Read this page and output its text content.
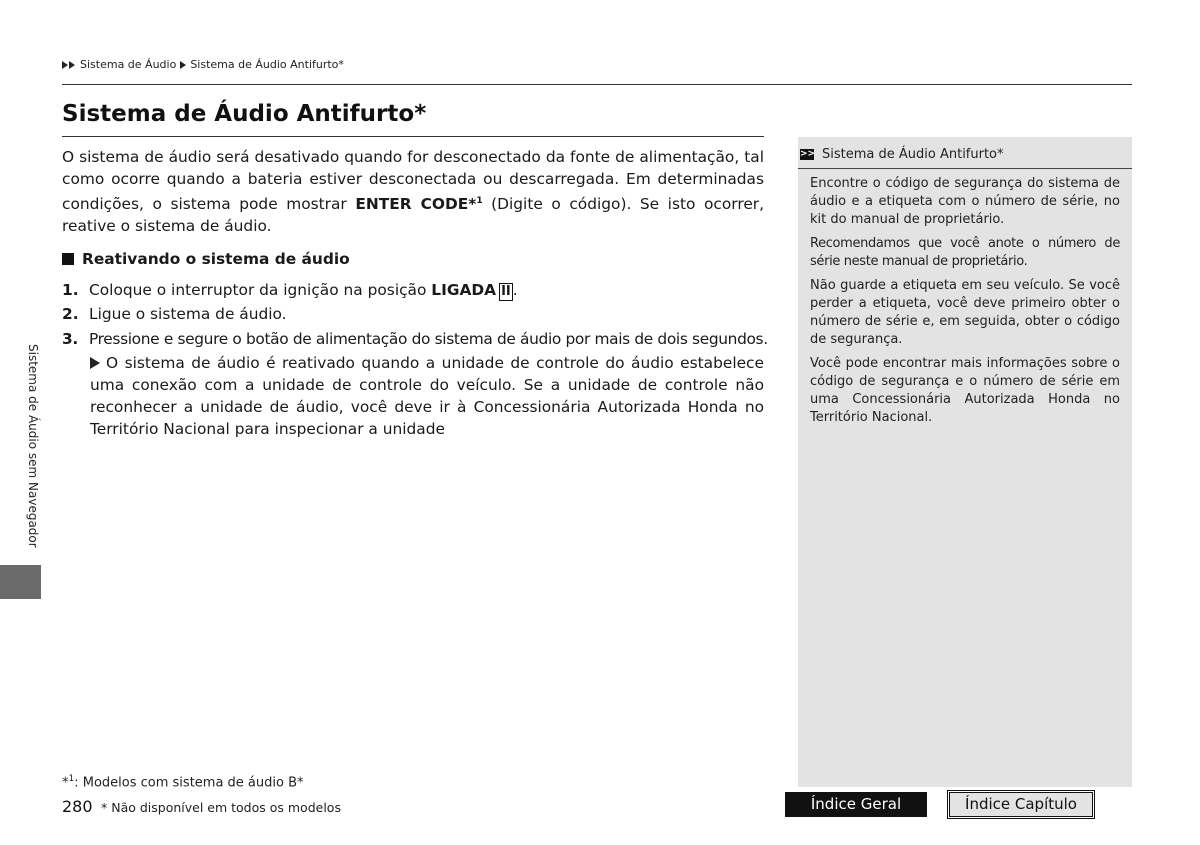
Sistema de Áudio Sistema de Áudio Antifurto*
Sistema de Áudio Antifurto*
O sistema de áudio será desativado quando for desconectado da fonte de alimentação, tal como ocorre quando a bateria estiver desconectada ou descarregada. Em determinadas condições, o sistema pode mostrar ENTER CODE*$^1$ (Digite o código). Se isto ocorrer, reative o sistema de áudio.
Reativando o sistema de áudio
1. Coloque o interruptor da ignição na posição LIGADA II .
2. Ligue o sistema de áudio.
3. Pressione e segure o botão de alimentação do sistema de áudio por mais de dois segundos.
O sistema de áudio é reativado quando a unidade de controle do áudio estabelece uma conexão com a unidade de controle do veículo. Se a unidade de controle não reconhecer a unidade de áudio, você deve ir à Concessionária Autorizada Honda no Território Nacional para inspecionar a unidade
Sistema de Áudio sem Navegador
>> Sistema de Áudio Antifurto*
Encontre o código de segurança do sistema de áudio e a etiqueta com o número de série, no kit do manual de proprietário.
Recomendamos que você anote o número de série neste manual de proprietário.
Não guarde a etiqueta em seu veículo. Se você perder a etiqueta, você deve primeiro obter o número de série e, em seguida, obter o código de segurança.
Você pode encontrar mais informações sobre o código de segurança e o número de série em uma Concessionária Autorizada Honda no Território Nacional.
*$^1$: Modelos com sistema de áudio B*
280 * Não disponível em todos os modelos	Índice Geral	Índice Capítulo
